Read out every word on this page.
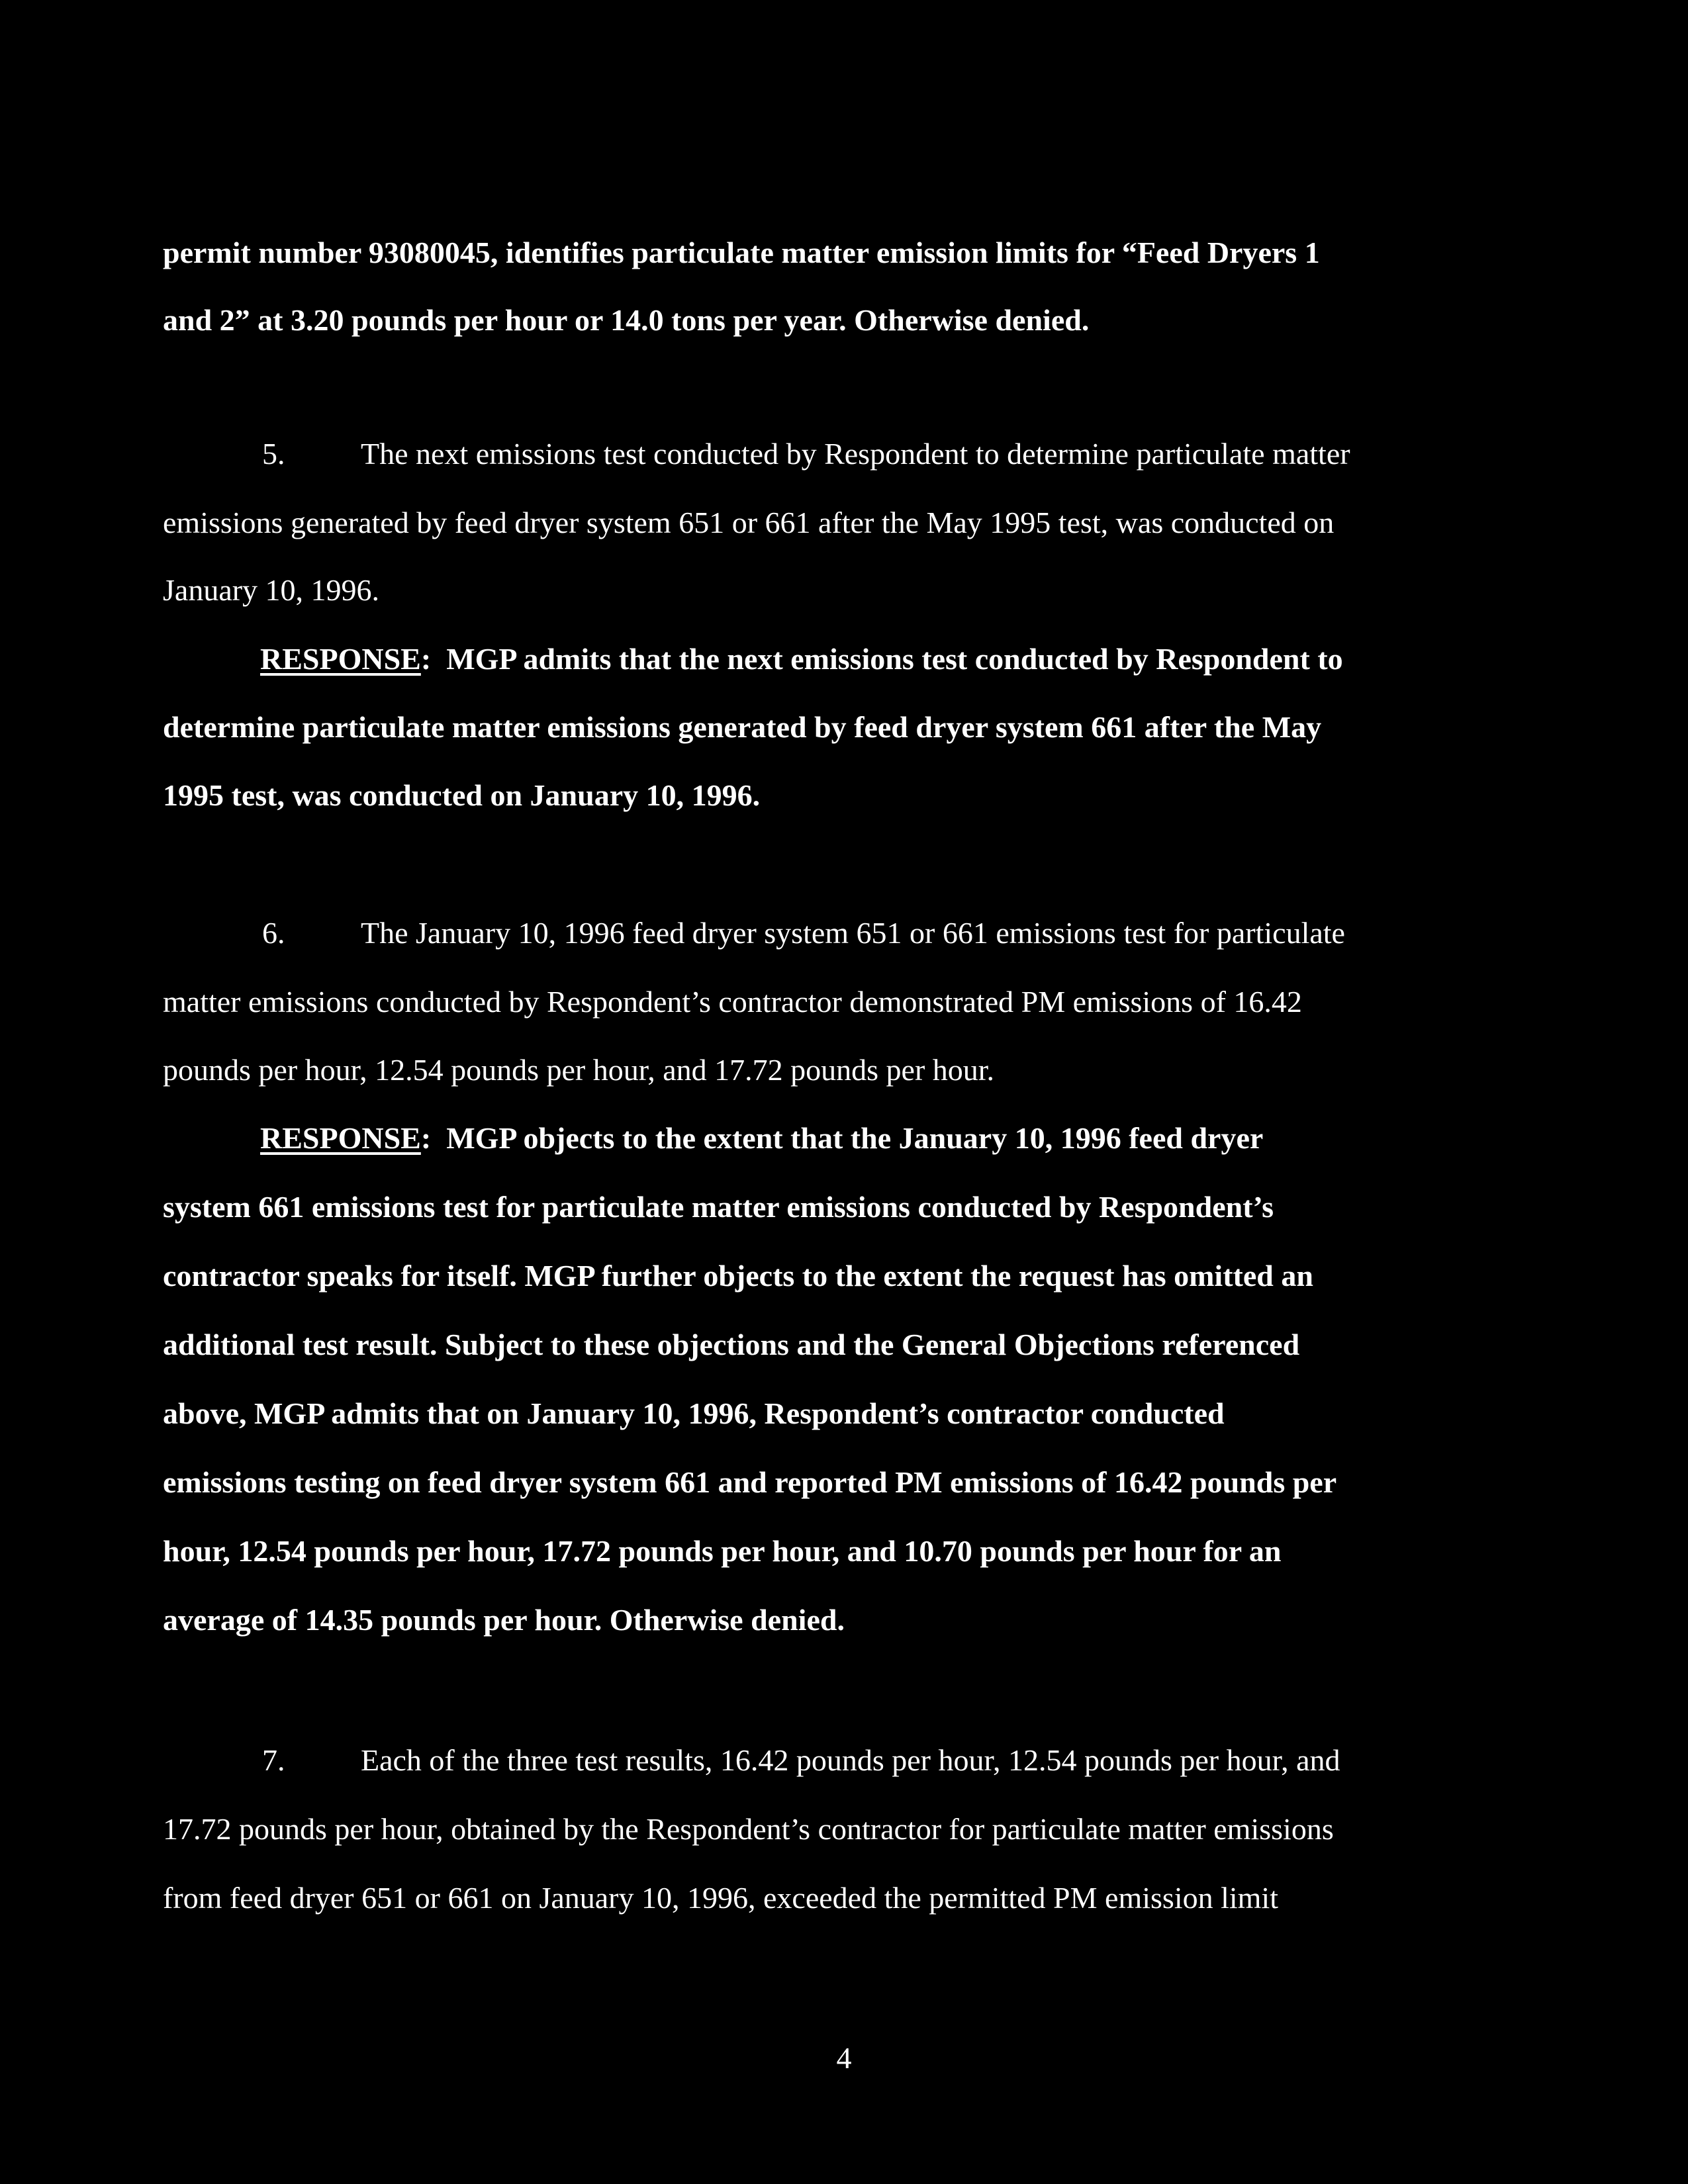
permit number 93080045, identifies particulate matter emission limits for “Feed Dryers 1
and 2” at 3.20 pounds per hour or 14.0 tons per year. Otherwise denied.
5. The next emissions test conducted by Respondent to determine particulate matter
emissions generated by feed dryer system 651 or 661 after the May 1995 test, was conducted on
January 10, 1996.
RESPONSE: MGP admits that the next emissions test conducted by Respondent to
determine particulate matter emissions generated by feed dryer system 661 after the May
1995 test, was conducted on January 10, 1996.
6. The January 10, 1996 feed dryer system 651 or 661 emissions test for particulate
matter emissions conducted by Respondent’s contractor demonstrated PM emissions of 16.42
pounds per hour, 12.54 pounds per hour, and 17.72 pounds per hour.
RESPONSE: MGP objects to the extent that the January 10, 1996 feed dryer
system 661 emissions test for particulate matter emissions conducted by Respondent’s
contractor speaks for itself. MGP further objects to the extent the request has omitted an
additional test result. Subject to these objections and the General Objections referenced
above, MGP admits that on January 10, 1996, Respondent’s contractor conducted
emissions testing on feed dryer system 661 and reported PM emissions of 16.42 pounds per
hour, 12.54 pounds per hour, 17.72 pounds per hour, and 10.70 pounds per hour for an
average of 14.35 pounds per hour. Otherwise denied.
7. Each of the three test results, 16.42 pounds per hour, 12.54 pounds per hour, and
17.72 pounds per hour, obtained by the Respondent’s contractor for particulate matter emissions
from feed dryer 651 or 661 on January 10, 1996, exceeded the permitted PM emission limit
4
